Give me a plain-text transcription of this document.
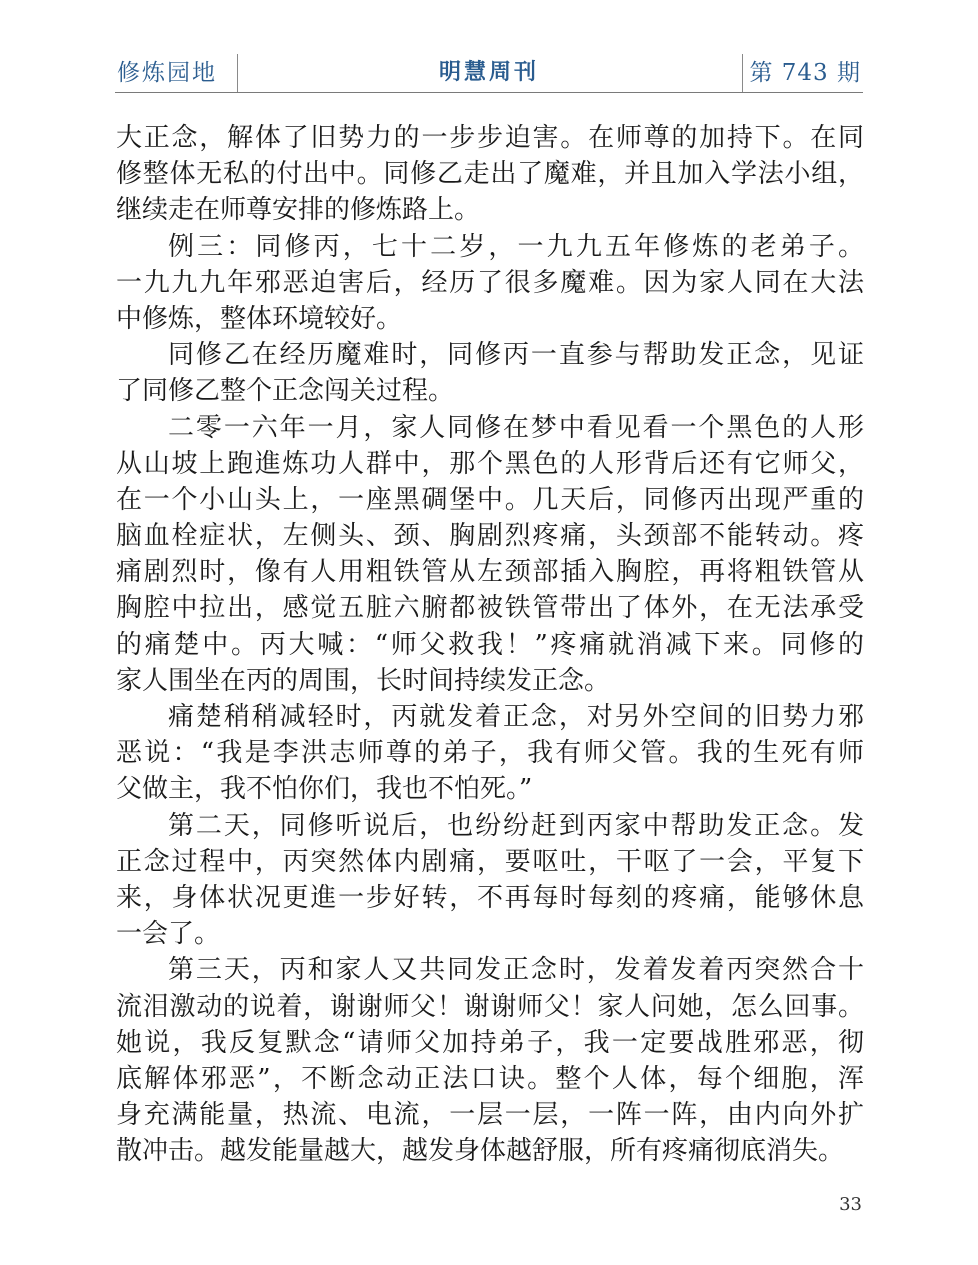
修炼园地	明慧周刊	第 743 期
大正念，解体了旧势力的一步步迫害。在师尊的加持下。在同
修整体无私的付出中。同修乙走出了魔难，并且加入学法小组，
继续走在师尊安排的修炼路上。
例三：同修丙，七十二岁，一九九五年修炼的老弟子。
一九九九年邪恶迫害后，经历了很多魔难。因为家人同在大法
中修炼，整体环境较好。
同修乙在经历魔难时，同修丙一直参与帮助发正念，见证
了同修乙整个正念闯关过程。
二零一六年一月，家人同修在梦中看见看一个黑色的人形
从山坡上跑進炼功人群中，那个黑色的人形背后还有它师父，
在一个小山头上，一座黑碉堡中。几天后，同修丙出现严重的
脑血栓症状，左侧头、颈、胸剧烈疼痛，头颈部不能转动。疼
痛剧烈时，像有人用粗铁管从左颈部插入胸腔，再将粗铁管从
胸腔中拉出，感觉五脏六腑都被铁管带出了体外，在无法承受
的痛楚中。丙大喊：“师父救我！”疼痛就消减下来。同修的
家人围坐在丙的周围，长时间持续发正念。
痛楚稍稍减轻时，丙就发着正念，对另外空间的旧势力邪
恶说：“我是李洪志师尊的弟子，我有师父管。我的生死有师
父做主，我不怕你们，我也不怕死。”
第二天，同修听说后，也纷纷赶到丙家中帮助发正念。发
正念过程中，丙突然体内剧痛，要呕吐，干呕了一会，平复下
来，身体状况更進一步好转，不再每时每刻的疼痛，能够休息
一会了。
第三天，丙和家人又共同发正念时，发着发着丙突然合十
流泪激动的说着，谢谢师父！谢谢师父！家人问她，怎么回事。
她说，我反复默念“请师父加持弟子，我一定要战胜邪恶，彻
底解体邪恶”，不断念动正法口诀。整个人体，每个细胞，浑
身充满能量，热流、电流，一层一层，一阵一阵，由内向外扩
散冲击。越发能量越大，越发身体越舒服，所有疼痛彻底消失。
33
